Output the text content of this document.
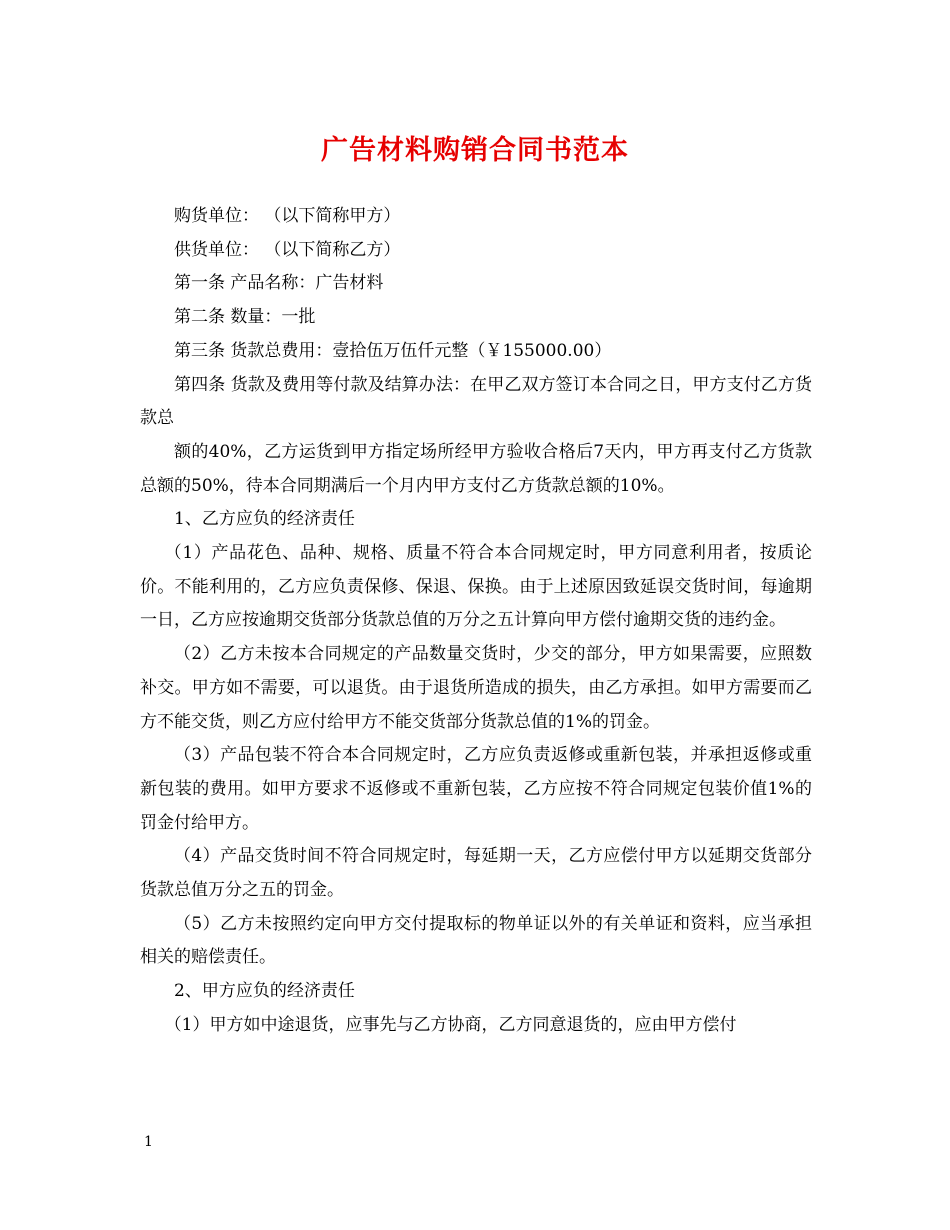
广告材料购销合同书范本

购货单位： （以下简称甲方）

供货单位： （以下简称乙方）

第一条 产品名称：广告材料

第二条 数量：一批

第三条 货款总费用：壹拾伍万伍仟元整（￥155000.00）

第四条 货款及费用等付款及结算办法：在甲乙双方签订本合同之日，甲方支付乙方货款总

额的40%，乙方运货到甲方指定场所经甲方验收合格后7天内，甲方再支付乙方货款总额的50%，待本合同期满后一个月内甲方支付乙方货款总额的10%。

1、乙方应负的经济责任

（1）产品花色、品种、规格、质量不符合本合同规定时，甲方同意利用者，按质论价。不能利用的，乙方应负责保修、保退、保换。由于上述原因致延误交货时间，每逾期一日，乙方应按逾期交货部分货款总值的万分之五计算向甲方偿付逾期交货的违约金。

（2）乙方未按本合同规定的产品数量交货时，少交的部分，甲方如果需要，应照数补交。甲方如不需要，可以退货。由于退货所造成的损失，由乙方承担。如甲方需要而乙方不能交货，则乙方应付给甲方不能交货部分货款总值的1%的罚金。

（3）产品包装不符合本合同规定时，乙方应负责返修或重新包装，并承担返修或重新包装的费用。如甲方要求不返修或不重新包装，乙方应按不符合同规定包装价值1%的罚金付给甲方。

（4）产品交货时间不符合同规定时，每延期一天，乙方应偿付甲方以延期交货部分货款总值万分之五的罚金。

（5）乙方未按照约定向甲方交付提取标的物单证以外的有关单证和资料，应当承担相关的赔偿责任。

2、甲方应负的经济责任

（1）甲方如中途退货，应事先与乙方协商，乙方同意退货的，应由甲方偿付

1
